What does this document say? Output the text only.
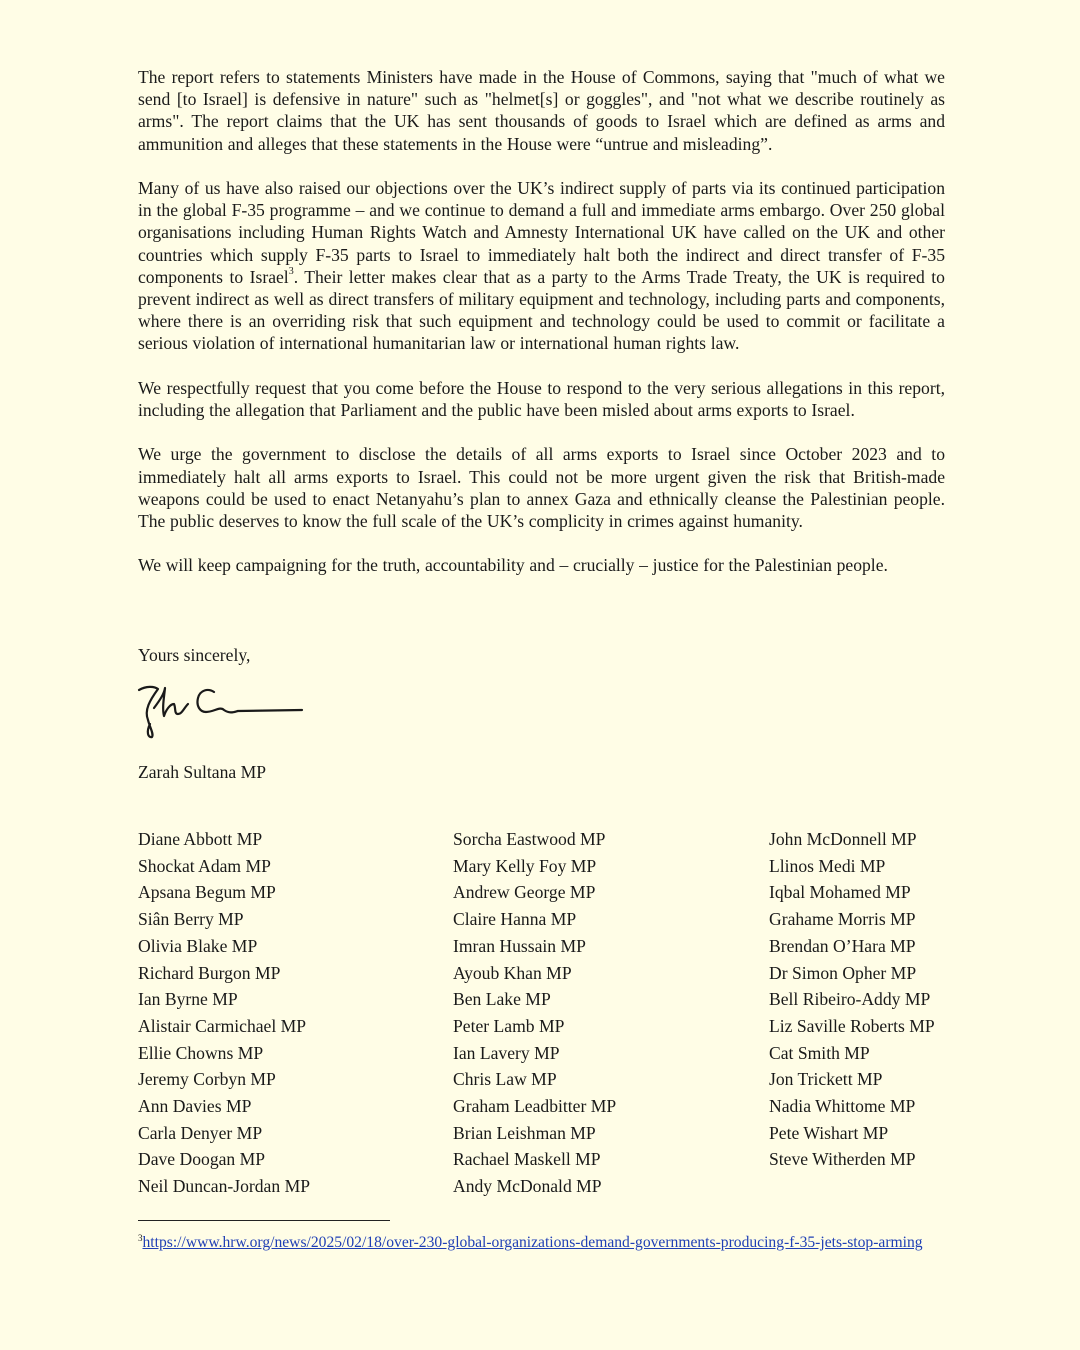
The report refers to statements Ministers have made in the House of Commons, saying that "much of what we send [to Israel] is defensive in nature" such as "helmet[s] or goggles", and "not what we describe routinely as arms". The report claims that the UK has sent thousands of goods to Israel which are defined as arms and ammunition and alleges that these statements in the House were “untrue and misleading”.

Many of us have also raised our objections over the UK’s indirect supply of parts via its continued participation in the global F-35 programme – and we continue to demand a full and immediate arms embargo. Over 250 global organisations including Human Rights Watch and Amnesty International UK have called on the UK and other countries which supply F-35 parts to Israel to immediately halt both the indirect and direct transfer of F-35 components to Israel$^3$. Their letter makes clear that as a party to the Arms Trade Treaty, the UK is required to prevent indirect as well as direct transfers of military equipment and technology, including parts and components, where there is an overriding risk that such equipment and technology could be used to commit or facilitate a serious violation of international humanitarian law or international human rights law.

We respectfully request that you come before the House to respond to the very serious allegations in this report, including the allegation that Parliament and the public have been misled about arms exports to Israel.

We urge the government to disclose the details of all arms exports to Israel since October 2023 and to immediately halt all arms exports to Israel. This could not be more urgent given the risk that British-made weapons could be used to enact Netanyahu’s plan to annex Gaza and ethnically cleanse the Palestinian people. The public deserves to know the full scale of the UK’s complicity in crimes against humanity.

We will keep campaigning for the truth, accountability and – crucially – justice for the Palestinian people.

Yours sincerely,
Zarah Sultana MP
Diane Abbott MP
Shockat Adam MP
Apsana Begum MP
Siân Berry MP
Olivia Blake MP
Richard Burgon MP
Ian Byrne MP
Alistair Carmichael MP
Ellie Chowns MP
Jeremy Corbyn MP
Ann Davies MP
Carla Denyer MP
Dave Doogan MP
Neil Duncan-Jordan MP
Sorcha Eastwood MP
Mary Kelly Foy MP
Andrew George MP
Claire Hanna MP
Imran Hussain MP
Ayoub Khan MP
Ben Lake MP
Peter Lamb MP
Ian Lavery MP
Chris Law MP
Graham Leadbitter MP
Brian Leishman MP
Rachael Maskell MP
Andy McDonald MP
John McDonnell MP
Llinos Medi MP
Iqbal Mohamed MP
Grahame Morris MP
Brendan O’Hara MP
Dr Simon Opher MP
Bell Ribeiro-Addy MP
Liz Saville Roberts MP
Cat Smith MP
Jon Trickett MP
Nadia Whittome MP
Pete Wishart MP
Steve Witherden MP
$^3$https://www.hrw.org/news/2025/02/18/over-230-global-organizations-demand-governments-producing-f-35-jets-stop-arming
